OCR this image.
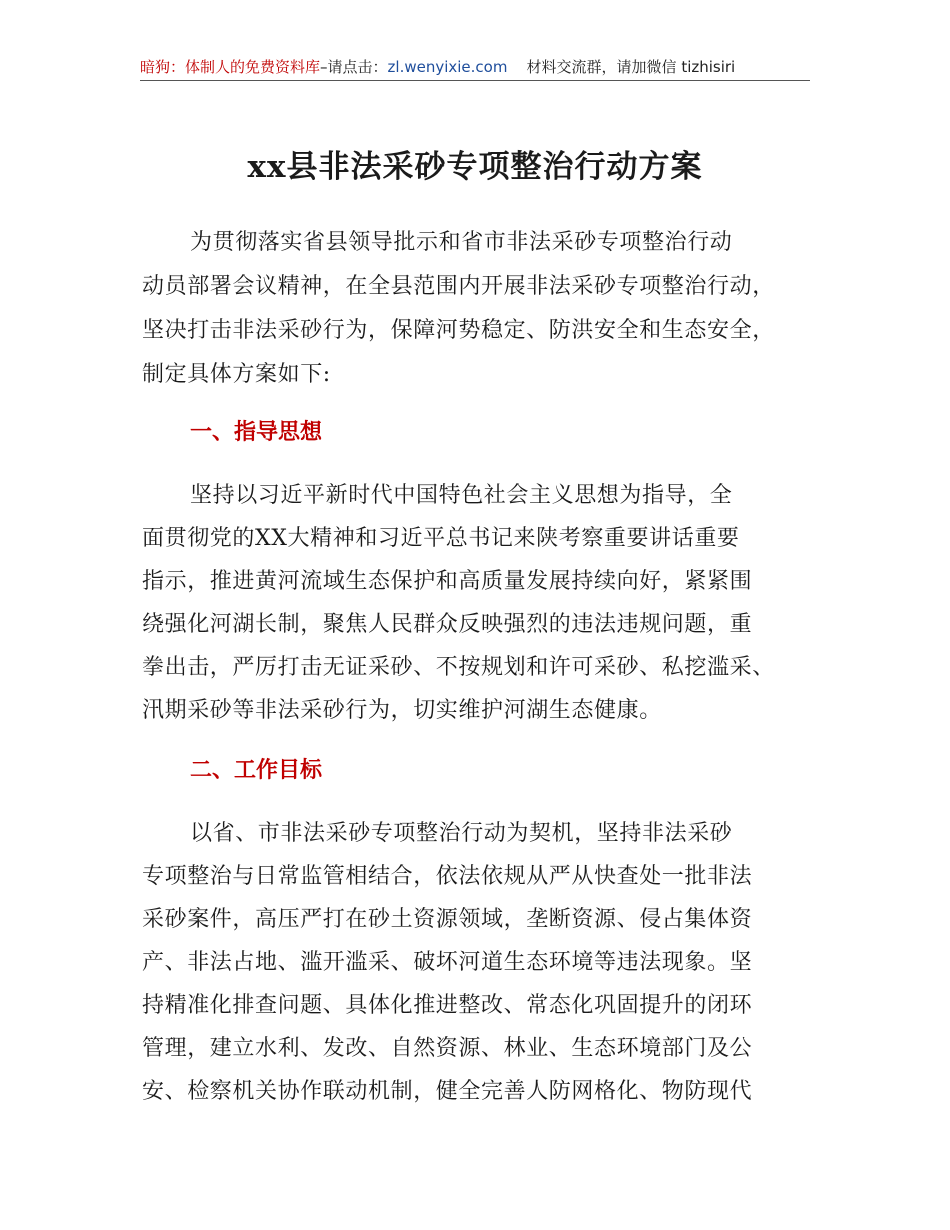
暗狗：体制人的免费资料库–请点击：zl.wenyixie.com 材料交流群，请加微信 tizhisiri
xx县非法采砂专项整治行动方案
为贯彻落实省县领导批示和省市非法采砂专项整治行动
动员部署会议精神，在全县范围内开展非法采砂专项整治行动，
坚决打击非法采砂行为，保障河势稳定、防洪安全和生态安全，
制定具体方案如下:
一、指导思想
坚持以习近平新时代中国特色社会主义思想为指导，全
面贯彻党的XX大精神和习近平总书记来陕考察重要讲话重要
指示，推进黄河流域生态保护和高质量发展持续向好，紧紧围
绕强化河湖长制，聚焦人民群众反映强烈的违法违规问题，重
拳出击，严厉打击无证采砂、不按规划和许可采砂、私挖滥采、
汛期采砂等非法采砂行为，切实维护河湖生态健康。
二、工作目标
以省、市非法采砂专项整治行动为契机，坚持非法采砂
专项整治与日常监管相结合，依法依规从严从快查处一批非法
采砂案件，高压严打在砂土资源领域，垄断资源、侵占集体资
产、非法占地、滥开滥采、破坏河道生态环境等违法现象。坚
持精准化排查问题、具体化推进整改、常态化巩固提升的闭环
管理，建立水利、发改、自然资源、林业、生态环境部门及公
安、检察机关协作联动机制，健全完善人防网格化、物防现代
